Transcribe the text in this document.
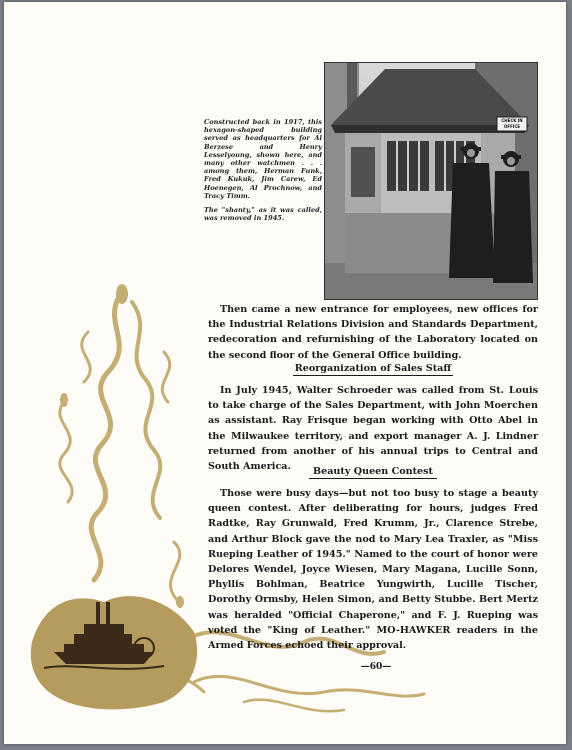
Constructed back in 1917, this hexagon-shaped building served as headquarters for Al Berzese and Henry Lesselyoung, shown here, and many other watchmen . . . among them, Herman Funk, Fred Kukuk, Jim Carew, Ed Hoenegen, Al Prochnow, and Tracy Timm.

The "shanty," as it was called, was removed in 1945.

CHECK IN OFFICE

Then came a new entrance for employees, new offices for the Industrial Relations Division and Standards Department, redecoration and refurnishing of the Laboratory located on the second floor of the General Office building.

Reorganization of Sales Staff

In July 1945, Walter Schroeder was called from St. Louis to take charge of the Sales Department, with John Moerchen as assistant. Ray Frisque began working with Otto Abel in the Milwaukee territory, and export manager A. J. Lindner returned from another of his annual trips to Central and South America.	Beauty Queen Contest

Those were busy days—but not too busy to stage a beauty queen contest. After deliberating for hours, judges Fred Radtke, Ray Grunwald, Fred Krumm, Jr., Clarence Strebe, and Arthur Block gave the nod to Mary Lea Traxler, as "Miss Rueping Leather of 1945." Named to the court of honor were Delores Wendel, Joyce Wiesen, Mary Magana, Lucille Sonn, Phyllis Bohlman, Beatrice Yungwirth, Lucille Tischer, Dorothy Ormsby, Helen Simon, and Betty Stubbe. Bert Mertz was heralded "Official Chaperone," and F. J. Rueping was voted the "King of Leather." MO-HAWKER readers in the Armed Forces echoed their approval.

—60—
